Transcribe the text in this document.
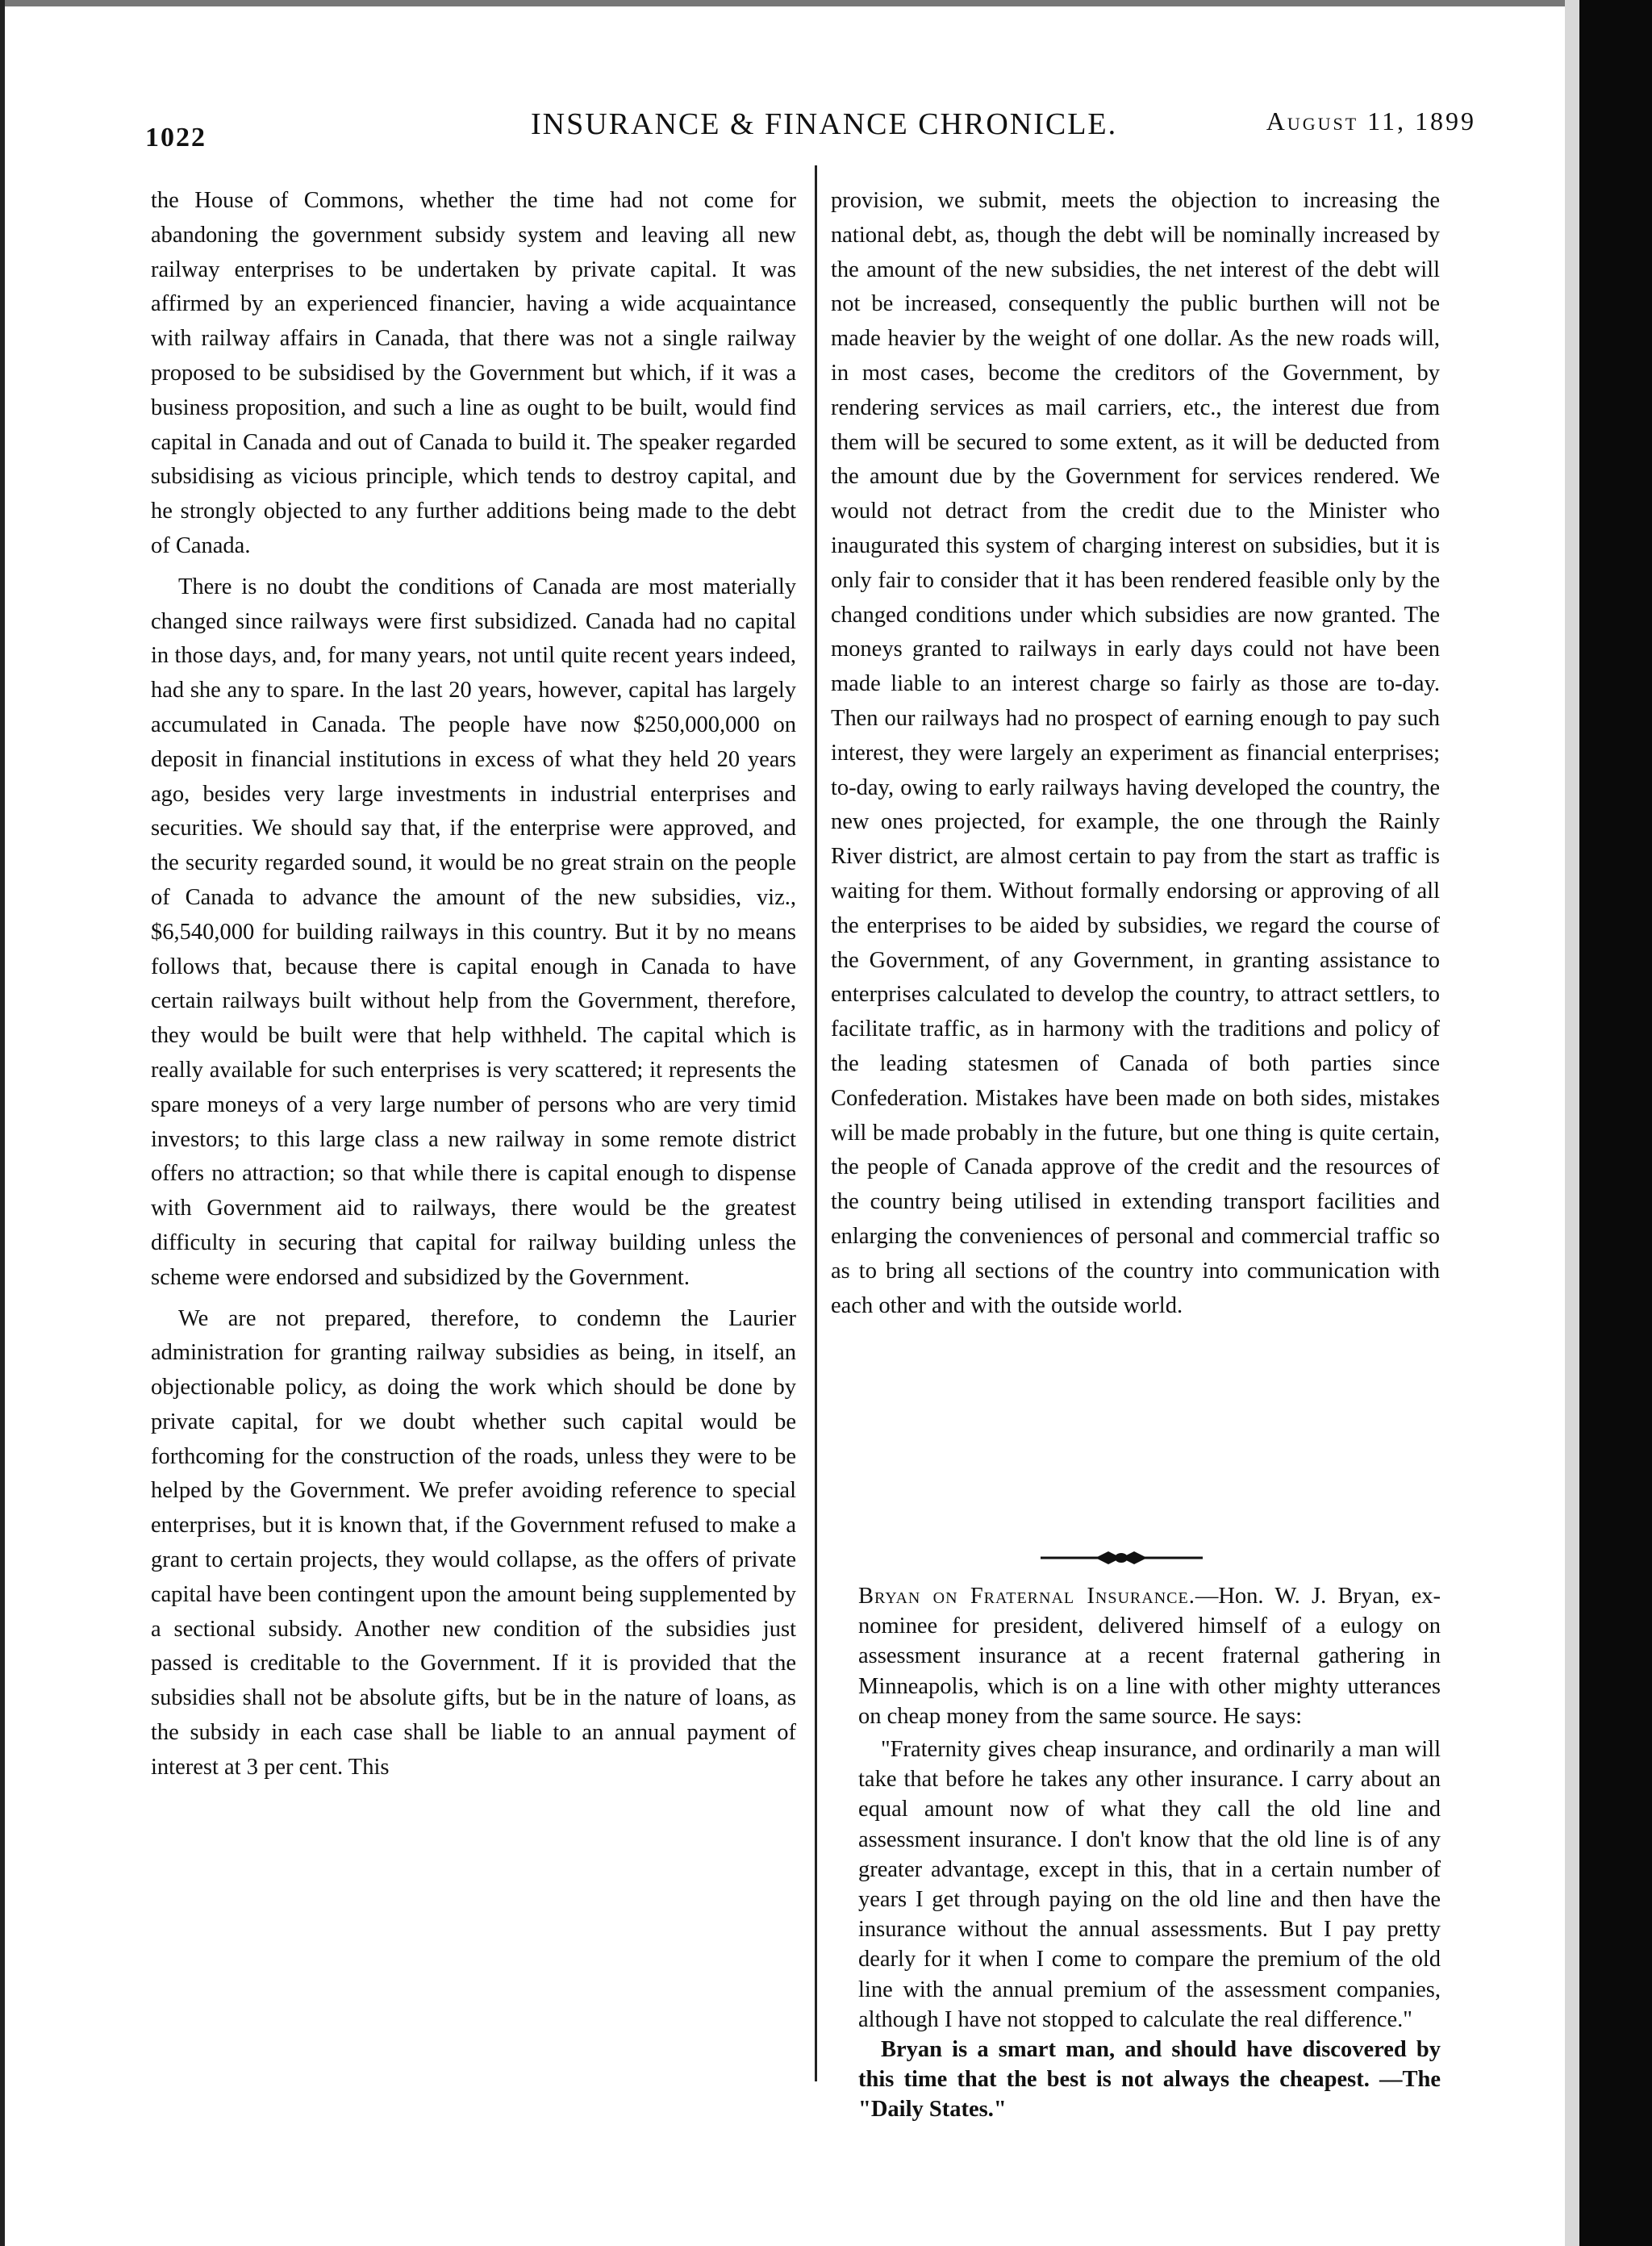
1022	INSURANCE & FINANCE CHRONICLE.	August 11, 1899

the House of Commons, whether the time had not come for abandoning the government subsidy system and leaving all new railway enterprises to be undertaken by private capital. It was affirmed by an experienced financier, having a wide acquaintance with railway affairs in Canada, that there was not a single railway proposed to be subsidised by the Government but which, if it was a business proposition, and such a line as ought to be built, would find capital in Canada and out of Canada to build it. The speaker regarded subsidising as vicious principle, which tends to destroy capital, and he strongly objected to any further additions being made to the debt of Canada.

There is no doubt the conditions of Canada are most materially changed since railways were first subsidized. Canada had no capital in those days, and, for many years, not until quite recent years indeed, had she any to spare. In the last 20 years, however, capital has largely accumulated in Canada. The people have now $250,000,000 on deposit in financial institutions in excess of what they held 20 years ago, besides very large investments in industrial enterprises and securities. We should say that, if the enterprise were approved, and the security regarded sound, it would be no great strain on the people of Canada to advance the amount of the new subsidies, viz., $6,540,000 for building railways in this country. But it by no means follows that, because there is capital enough in Canada to have certain railways built without help from the Government, therefore, they would be built were that help withheld. The capital which is really available for such enterprises is very scattered; it represents the spare moneys of a very large number of persons who are very timid investors; to this large class a new railway in some remote district offers no attraction; so that while there is capital enough to dispense with Government aid to railways, there would be the greatest difficulty in securing that capital for railway building unless the scheme were endorsed and subsidized by the Government.

We are not prepared, therefore, to condemn the Laurier administration for granting railway subsidies as being, in itself, an objectionable policy, as doing the work which should be done by private capital, for we doubt whether such capital would be forthcoming for the construction of the roads, unless they were to be helped by the Government. We prefer avoiding reference to special enterprises, but it is known that, if the Government refused to make a grant to certain projects, they would collapse, as the offers of private capital have been contingent upon the amount being supplemented by a sectional subsidy. Another new condition of the subsidies just passed is creditable to the Government. If it is provided that the subsidies shall not be absolute gifts, but be in the nature of loans, as the subsidy in each case shall be liable to an annual payment of interest at 3 per cent. This

provision, we submit, meets the objection to increasing the national debt, as, though the debt will be nominally increased by the amount of the new subsidies, the net interest of the debt will not be increased, consequently the public burthen will not be made heavier by the weight of one dollar. As the new roads will, in most cases, become the creditors of the Government, by rendering services as mail carriers, etc., the interest due from them will be secured to some extent, as it will be deducted from the amount due by the Government for services rendered. We would not detract from the credit due to the Minister who inaugurated this system of charging interest on subsidies, but it is only fair to consider that it has been rendered feasible only by the changed conditions under which subsidies are now granted. The moneys granted to railways in early days could not have been made liable to an interest charge so fairly as those are to-day. Then our railways had no prospect of earning enough to pay such interest, they were largely an experiment as financial enterprises; to-day, owing to early railways having developed the country, the new ones projected, for example, the one through the Rainly River district, are almost certain to pay from the start as traffic is waiting for them. Without formally endorsing or approving of all the enterprises to be aided by subsidies, we regard the course of the Government, of any Government, in granting assistance to enterprises calculated to develop the country, to attract settlers, to facilitate traffic, as in harmony with the traditions and policy of the leading statesmen of Canada of both parties since Confederation. Mistakes have been made on both sides, mistakes will be made probably in the future, but one thing is quite certain, the people of Canada approve of the credit and the resources of the country being utilised in extending transport facilities and enlarging the conveniences of personal and commercial traffic so as to bring all sections of the country into communication with each other and with the outside world.

Bryan on Fraternal Insurance.—Hon. W. J. Bryan, ex-nominee for president, delivered himself of a eulogy on assessment insurance at a recent fraternal gathering in Minneapolis, which is on a line with other mighty utterances on cheap money from the same source. He says:

"Fraternity gives cheap insurance, and ordinarily a man will take that before he takes any other insurance. I carry about an equal amount now of what they call the old line and assessment insurance. I don't know that the old line is of any greater advantage, except in this, that in a certain number of years I get through paying on the old line and then have the insurance without the annual assessments. But I pay pretty dearly for it when I come to compare the premium of the old line with the annual premium of the assessment companies, although I have not stopped to calculate the real difference."

Bryan is a smart man, and should have discovered by this time that the best is not always the cheapest. —The "Daily States."
